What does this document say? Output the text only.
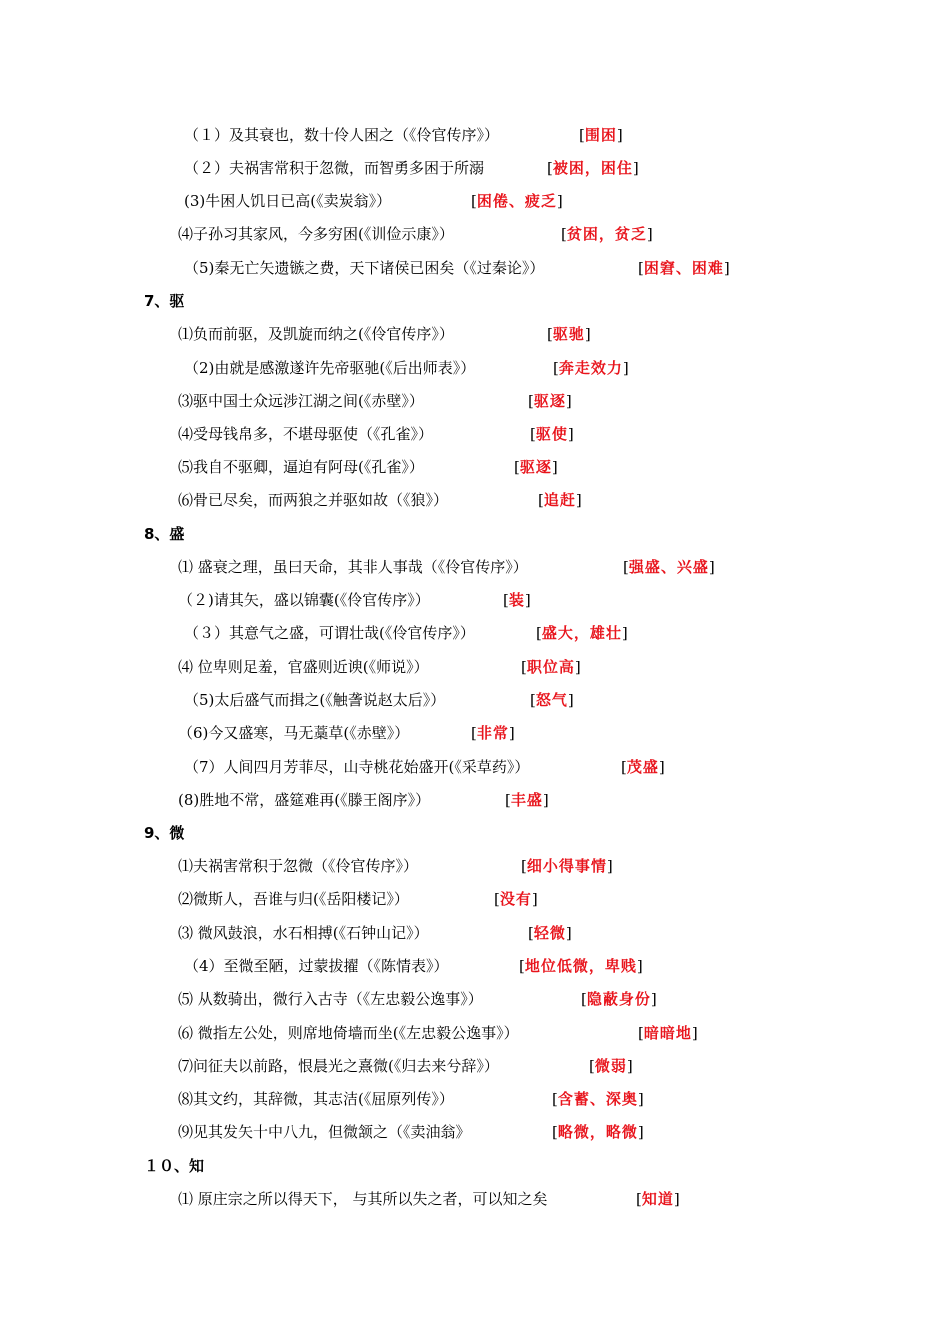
（１）及其衰也，数十伶人困之（《伶官传序》）	[围困]
（２）夫祸害常积于忽微，而智勇多困于所溺	[被困，困住]
(3)牛困人饥日已高(《卖炭翁》）	[困倦、疲乏]
⑷子孙习其家风，今多穷困(《训俭示康》）	[贫困，贫乏]
（5)秦无亡矢遗镞之费，天下诸侯已困矣（《过秦论》）	[困窘、困难]
7、驱
⑴负而前驱，及凯旋而纳之(《伶官传序》）	[驱驰]
（2)由就是感激遂许先帝驱驰(《后出师表》）	[奔走效力]
⑶驱中国士众远涉江湖之间(《赤壁》）	[驱逐]
⑷受母钱帛多，不堪母驱使（《孔雀》）	[驱使]
⑸我自不驱卿，逼迫有阿母(《孔雀》）	[驱逐]
⑹骨已尽矣，而两狼之并驱如故（《狼》）	[追赶]
8、盛
⑴ 盛衰之理，虽曰天命，其非人事哉（《伶官传序》）	[强盛、兴盛]
（２)请其矢，盛以锦囊(《伶官传序》）	[装]
（３）其意气之盛，可谓壮哉(《伶官传序》）	[盛大，雄壮]
⑷ 位卑则足羞，官盛则近谀(《师说》）	[职位高]
（5)太后盛气而揖之(《触詟说赵太后》）	[怒气]
（6)今又盛寒，马无藁草(《赤壁》）	[非常]
（7）人间四月芳菲尽，山寺桃花始盛开(《采草药》）	[茂盛]
(8)胜地不常，盛筵难再(《滕王阁序》）	[丰盛]
9、微
⑴夫祸害常积于忽微（《伶官传序》）	[细小得事情]
⑵微斯人，吾谁与归(《岳阳楼记》）	[没有]
⑶ 微风鼓浪，水石相搏(《石钟山记》）	[轻微]
（4）至微至陋，过蒙拔擢（《陈情表》）	[地位低微，卑贱]
⑸ 从数骑出，微行入古寺（《左忠毅公逸事》）	[隐蔽身份]
⑹ 微指左公处，则席地倚墙而坐(《左忠毅公逸事》）	[暗暗地]
⑺问征夫以前路，恨晨光之熹微(《归去来兮辞》）	[微弱]
⑻其文约，其辞微，其志洁(《屈原列传》）	[含蓄、深奥]
⑼见其发矢十中八九，但微颔之（《卖油翁》	[略微，略微]
１０、知
⑴ 原庄宗之所以得天下， 与其所以失之者，可以知之矣	[知道]
